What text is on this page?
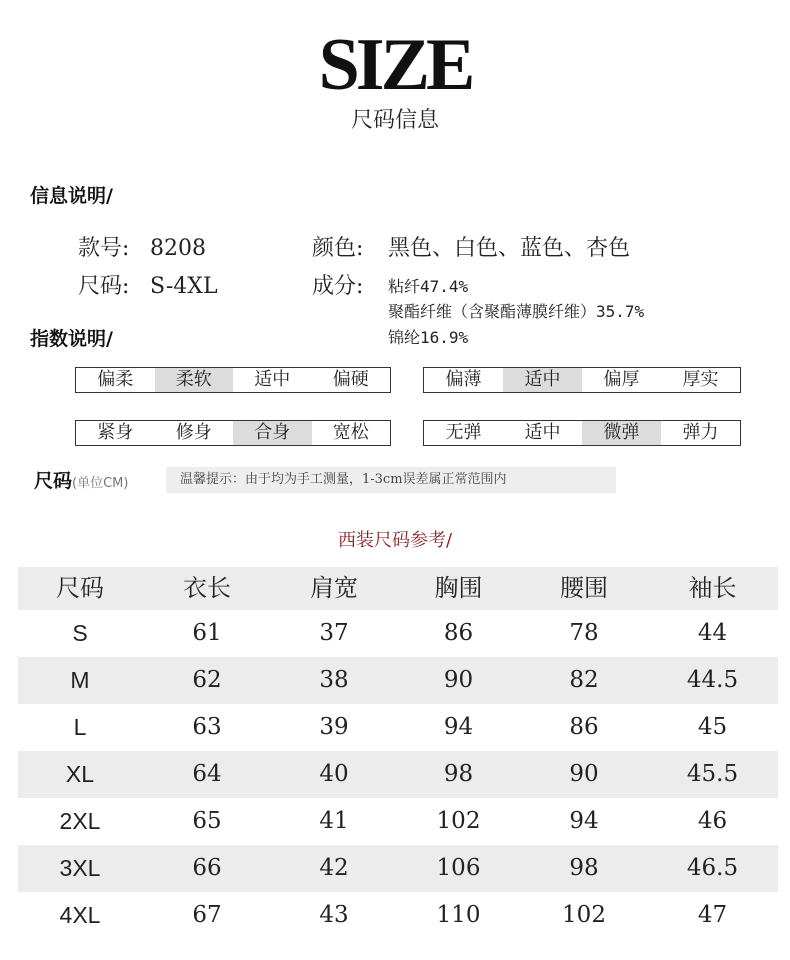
SIZE
尺码信息
信息说明/
款号: 8208
尺码: S-4XL
颜色: 黑色、白色、蓝色、杏色
成分: 粘纤47.4%
聚酯纤维（含聚酯薄膜纤维）35.7%
锦纶16.9%
指数说明/
偏柔	柔软	适中	偏硬	偏薄	适中	偏厚	厚实
紧身	修身	合身	宽松	无弹	适中	微弹	弹力
尺码(单位CM)	温馨提示：由于均为手工测量，1-3cm误差属正常范围内
西装尺码参考/
尺码	衣长	肩宽	胸围	腰围	袖长
S	61	37	86	78	44
M	62	38	90	82	44.5
L	63	39	94	86	45
XL	64	40	98	90	45.5
2XL	65	41	102	94	46
3XL	66	42	106	98	46.5
4XL	67	43	110	102	47
